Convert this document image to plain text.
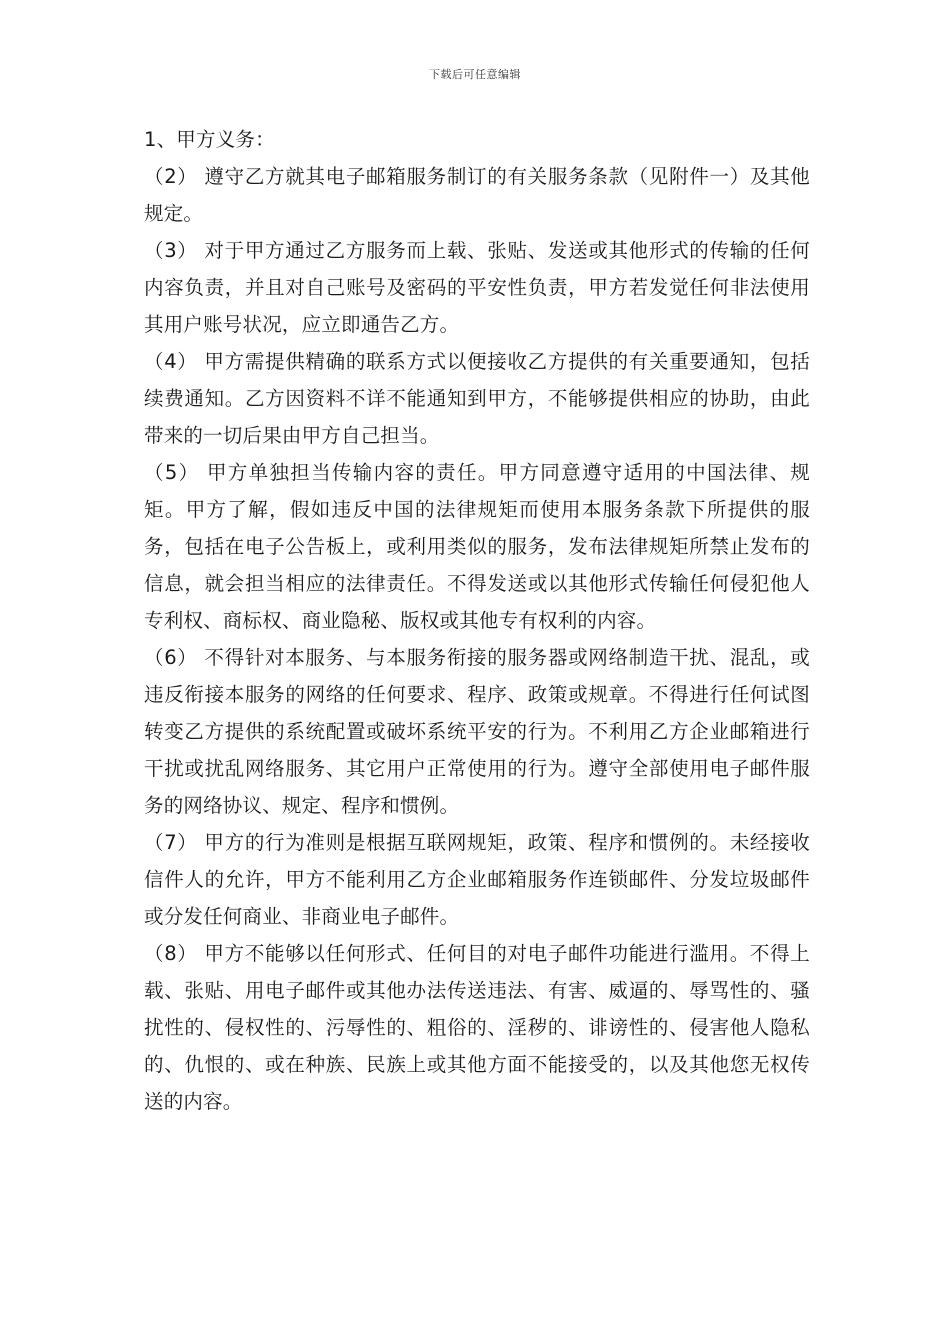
下载后可任意编辑

1、甲方义务：

（2） 遵守乙方就其电子邮箱服务制订的有关服务条款（见附件一）及其他规定。

（3） 对于甲方通过乙方服务而上载、张贴、发送或其他形式的传输的任何内容负责，并且对自己账号及密码的平安性负责，甲方若发觉任何非法使用其用户账号状况，应立即通告乙方。

（4） 甲方需提供精确的联系方式以便接收乙方提供的有关重要通知，包括续费通知。乙方因资料不详不能通知到甲方，不能够提供相应的协助，由此带来的一切后果由甲方自己担当。

（5） 甲方单独担当传输内容的责任。甲方同意遵守适用的中国法律、规矩。甲方了解，假如违反中国的法律规矩而使用本服务条款下所提供的服务，包括在电子公告板上，或利用类似的服务，发布法律规矩所禁止发布的信息，就会担当相应的法律责任。不得发送或以其他形式传输任何侵犯他人专利权、商标权、商业隐秘、版权或其他专有权利的内容。

（6） 不得针对本服务、与本服务衔接的服务器或网络制造干扰、混乱，或违反衔接本服务的网络的任何要求、程序、政策或规章。不得进行任何试图转变乙方提供的系统配置或破坏系统平安的行为。不利用乙方企业邮箱进行干扰或扰乱网络服务、其它用户正常使用的行为。遵守全部使用电子邮件服务的网络协议、规定、程序和惯例。

（7） 甲方的行为准则是根据互联网规矩，政策、程序和惯例的。未经接收信件人的允许，甲方不能利用乙方企业邮箱服务作连锁邮件、分发垃圾邮件或分发任何商业、非商业电子邮件。

（8） 甲方不能够以任何形式、任何目的对电子邮件功能进行滥用。不得上载、张贴、用电子邮件或其他办法传送违法、有害、威逼的、辱骂性的、骚扰性的、侵权性的、污辱性的、粗俗的、淫秽的、诽谤性的、侵害他人隐私的、仇恨的、或在种族、民族上或其他方面不能接受的，以及其他您无权传送的内容。
